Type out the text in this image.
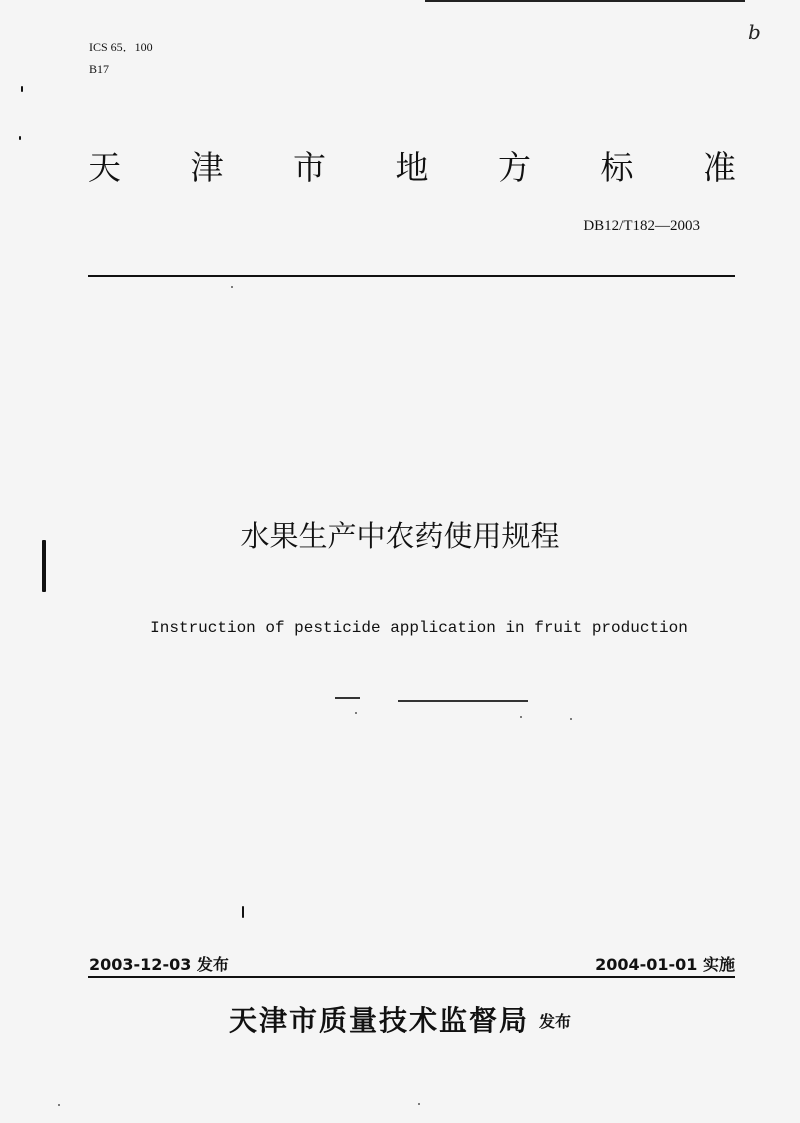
ICS 65．100
B17
b
天 津 市 地 方 标 准
DB12/T182—2003
水果生产中农药使用规程
Instruction of pesticide application in fruit production
2003-12-03 发布	2004-01-01 实施
天津市质量技术监督局 发布
